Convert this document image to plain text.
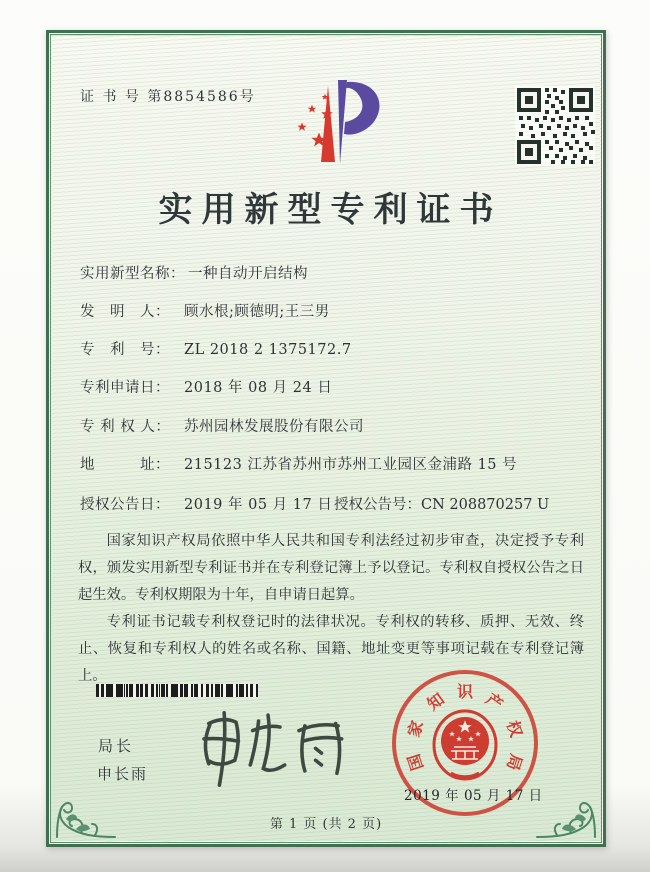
证 书 号 第8854586号
实用新型专利证书
实用新型名称： 一种自动开启结构
发　明　人： 顾水根;顾德明;王三男
专　利　号： ZL 2018 2 1375172.7
专利申请日： 2018 年 08 月 24 日
专 利 权 人： 苏州园林发展股份有限公司
地　　　址： 215123 江苏省苏州市苏州工业园区金浦路 15 号
授权公告日： 2019 年 05 月 17 日 授权公告号：CN 208870257 U

国家知识产权局依照中华人民共和国专利法经过初步审查，决定授予专利权，颁发实用新型专利证书并在专利登记簿上予以登记。专利权自授权公告之日起生效。专利权期限为十年，自申请日起算。

专利证书记载专利权登记时的法律状况。专利权的转移、质押、无效、终止、恢复和专利权人的姓名或名称、国籍、地址变更等事项记载在专利登记簿上。

局长
申长雨
国
家
知 识 产
权
局
2019 年 05 月 17 日
第 1 页 (共 2 页)
